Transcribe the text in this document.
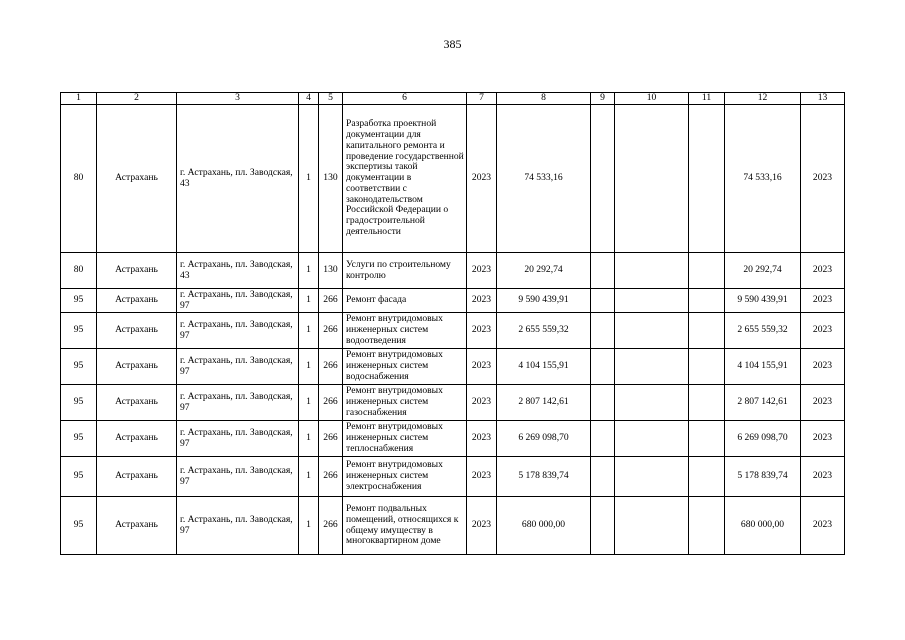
385
1	2	3	4	5	6	7	8	9	10	11	12	13
80	Астрахань	г. Астрахань, пл. Заводская, 43	1	130	Разработка проектной документации для капитального ремонта и проведение государственной экспертизы такой документации в соответствии с законодательством Российской Федерации о градостроительной деятельности	2023	74 533,16				74 533,16	2023
80	Астрахань	г. Астрахань, пл. Заводская, 43	1	130	Услуги по строительному контролю	2023	20 292,74				20 292,74	2023
95	Астрахань	г. Астрахань, пл. Заводская, 97	1	266	Ремонт фасада	2023	9 590 439,91				9 590 439,91	2023
95	Астрахань	г. Астрахань, пл. Заводская, 97	1	266	Ремонт внутридомовых инженерных систем водоотведения	2023	2 655 559,32				2 655 559,32	2023
95	Астрахань	г. Астрахань, пл. Заводская, 97	1	266	Ремонт внутридомовых инженерных систем водоснабжения	2023	4 104 155,91				4 104 155,91	2023
95	Астрахань	г. Астрахань, пл. Заводская, 97	1	266	Ремонт внутридомовых инженерных систем газоснабжения	2023	2 807 142,61				2 807 142,61	2023
95	Астрахань	г. Астрахань, пл. Заводская, 97	1	266	Ремонт внутридомовых инженерных систем теплоснабжения	2023	6 269 098,70				6 269 098,70	2023
95	Астрахань	г. Астрахань, пл. Заводская, 97	1	266	Ремонт внутридомовых инженерных систем электроснабжения	2023	5 178 839,74				5 178 839,74	2023
95	Астрахань	г. Астрахань, пл. Заводская, 97	1	266	Ремонт подвальных помещений, относящихся к общему имуществу в многоквартирном доме	2023	680 000,00				680 000,00	2023
